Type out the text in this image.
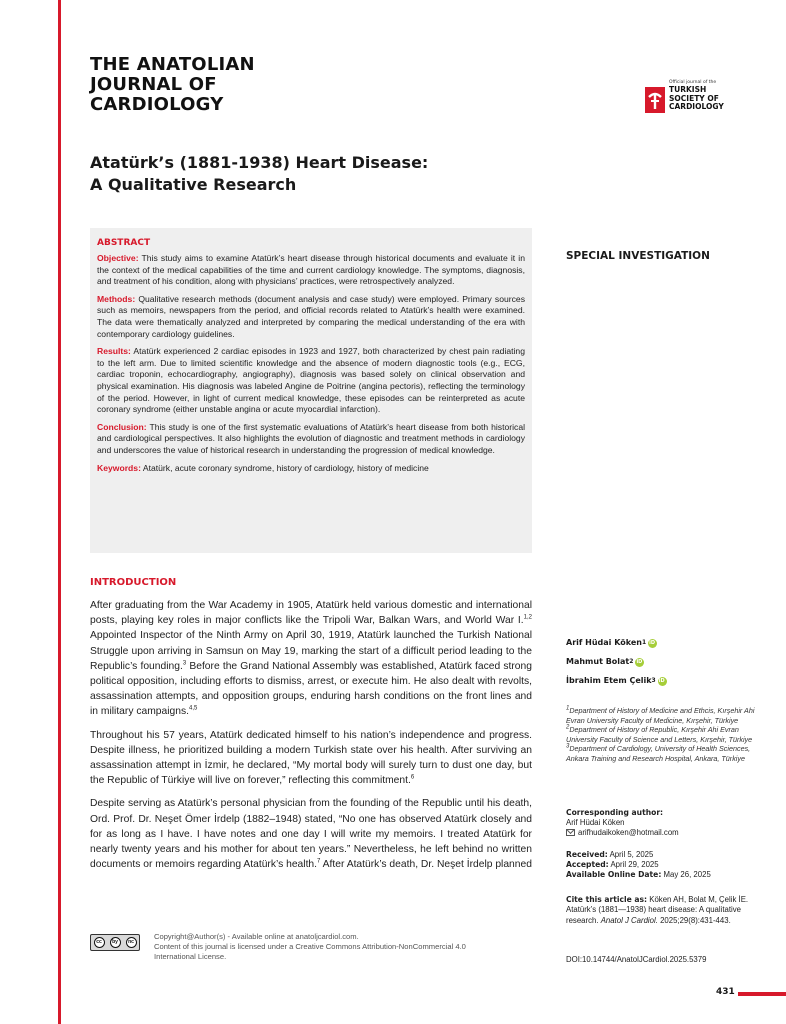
THE ANATOLIAN
JOURNAL OF
CARDIOLOGY
Official journal of the
TURKISH
SOCIETY OF
CARDIOLOGY
Atatürk’s (1881-1938) Heart Disease:
A Qualitative Research
ABSTRACT

Objective: This study aims to examine Atatürk’s heart disease through historical documents and evaluate it in the context of the medical capabilities of the time and current cardiology knowledge. The symptoms, diagnosis, and treatment of his condition, along with physicians’ practices, were retrospectively analyzed.

Methods: Qualitative research methods (document analysis and case study) were employed. Primary sources such as memoirs, newspapers from the period, and official records related to Atatürk’s health were examined. The data were thematically analyzed and interpreted by comparing the medical understanding of the era with contemporary cardiology guidelines.

Results: Atatürk experienced 2 cardiac episodes in 1923 and 1927, both characterized by chest pain radiating to the left arm. Due to limited scientific knowledge and the absence of modern diagnostic tools (e.g., ECG, cardiac troponin, echocardiography, angiography), diagnosis was based solely on clinical observation and physical examination. His diagnosis was labeled Angine de Poitrine (angina pectoris), reflecting the terminology of the period. However, in light of current medical knowledge, these episodes can be reinterpreted as acute coronary syndrome (either unstable angina or acute myocardial infarction).

Conclusion: This study is one of the first systematic evaluations of Atatürk’s heart disease from both historical and cardiological perspectives. It also highlights the evolution of diagnostic and treatment methods in cardiology and underscores the value of historical research in understanding the progression of medical knowledge.

Keywords: Atatürk, acute coronary syndrome, history of cardiology, history of medicine

SPECIAL INVESTIGATION
INTRODUCTION

After graduating from the War Academy in 1905, Atatürk held various domestic and international posts, playing key roles in major conflicts like the Tripoli War, Balkan Wars, and World War I.$^{1,2}$ Appointed Inspector of the Ninth Army on April 30, 1919, Atatürk launched the Turkish National Struggle upon arriving in Samsun on May 19, marking the start of a difficult period leading to the Republic’s founding.$^3$ Before the Grand National Assembly was established, Atatürk faced strong political opposition, including efforts to dismiss, arrest, or execute him. He also dealt with revolts, assassination attempts, and opposition groups, enduring harsh conditions on the front lines and in military campaigns.$^{4,5}$

Throughout his 57 years, Atatürk dedicated himself to his nation’s independence and progress. Despite illness, he prioritized building a modern Turkish state over his health. After surviving an assassination attempt in İzmir, he declared, “My mortal body will surely turn to dust one day, but the Republic of Türkiye will live on forever,” reflecting this commitment.$^6$

Despite serving as Atatürk’s personal physician from the founding of the Republic until his death, Ord. Prof. Dr. Neşet Ömer İrdelp (1882–1948) stated, “No one has observed Atatürk closely and for as long as I have. I have notes and one day I will write my memoirs. I treated Atatürk for nearly twenty years and his mother for about ten years.” Nevertheless, he left behind no written documents or memoirs regarding Atatürk’s health.$^7$ After Atatürk’s death, Dr. Neşet İrdelp planned

Arif Hüdai Köken 1
iD
Mahmut Bolat 2
iD
İbrahim Etem Çelik 3
iD

$^1$Department of History of Medicine and Ethcis, Kırşehir Ahi Evran University Faculty of Medicine, Kırşehir, Türkiye

$^2$Department of History of Republic, Kırşehir Ahi Evran University Faculty of Science and Letters, Kırşehir, Türkiye

$^3$Department of Cardiology, University of Health Sciences, Ankara Training and Research Hospital, Ankara, Türkiye

Corresponding author:
Arif Hüdai Köken
arifhudaikoken@hotmail.com
Received: April 5, 2025
Accepted: April 29, 2025
Available Online Date: May 26, 2025
Cite this article as: Köken AH, Bolat M, Çelik İE. Atatürk’s (1881—1938) heart disease: A qualitative research. Anatol J Cardiol. 2025;29(8):431-443.
DOI:10.14744/AnatolJCardiol.2025.5379
cc	by	nc
Copyright@Author(s) - Available online at anatoljcardiol.com.
Content of this journal is licensed under a Creative Commons Attribution-NonCommercial 4.0 International License.
431
